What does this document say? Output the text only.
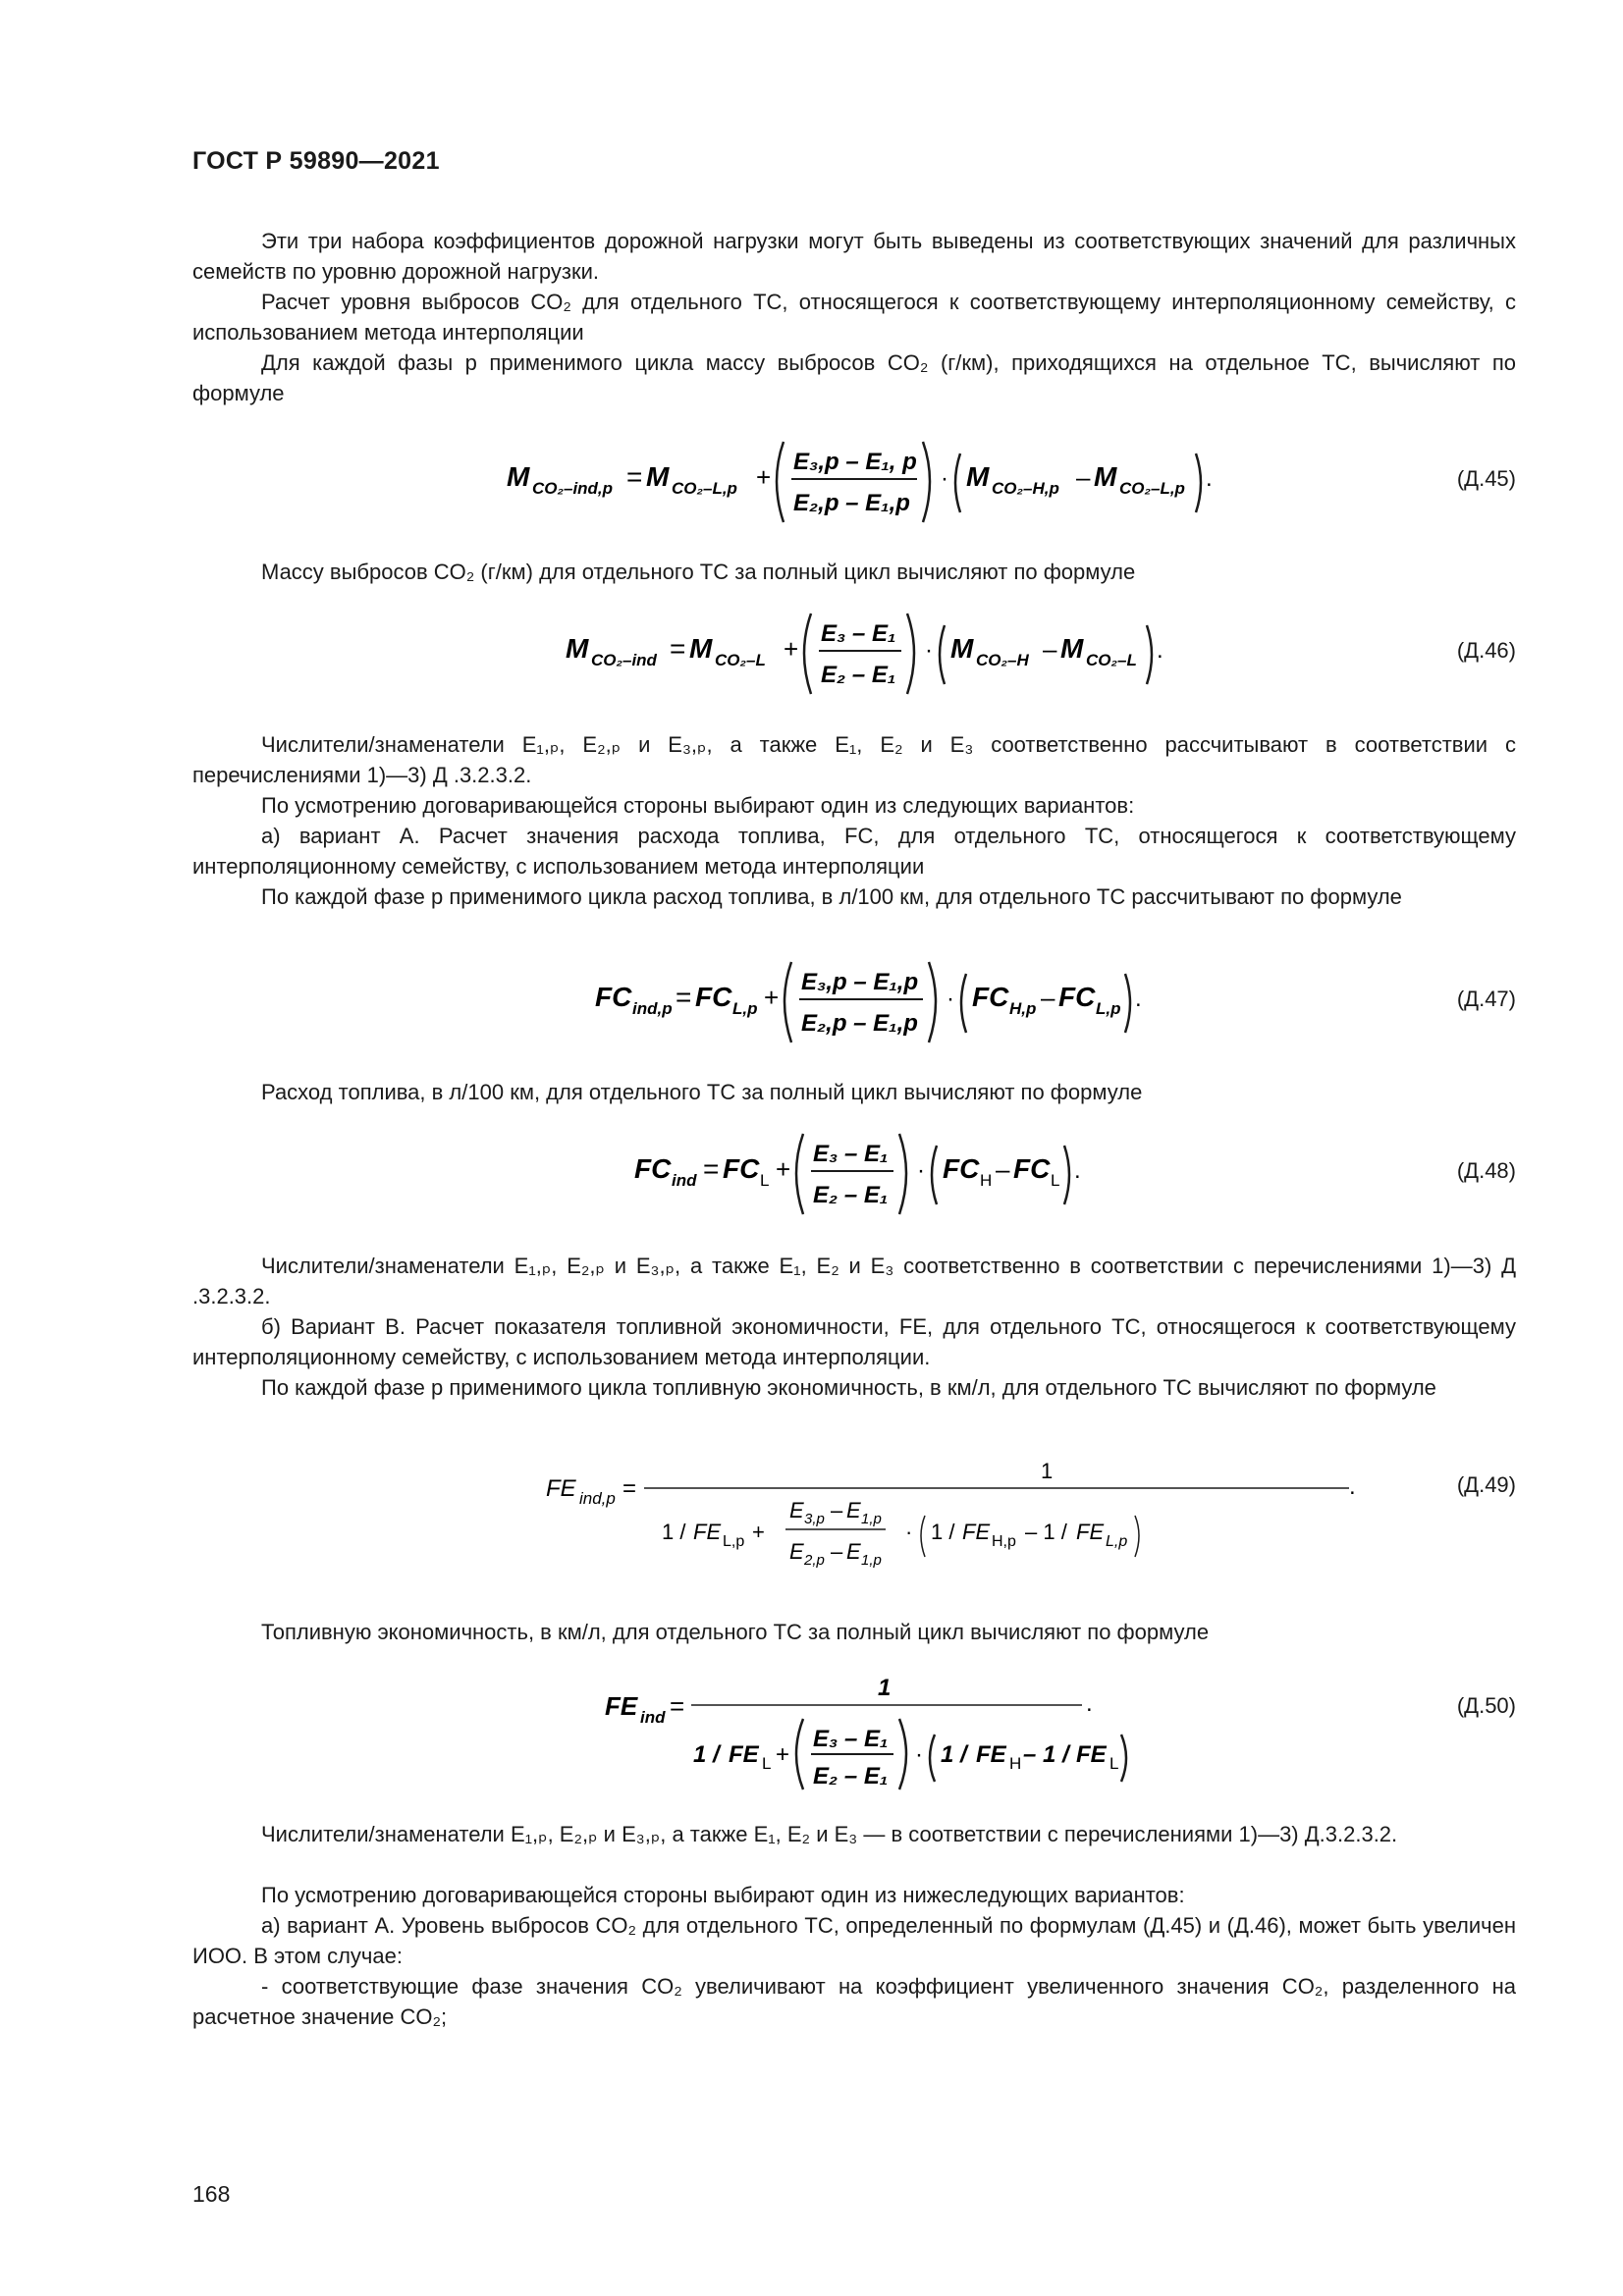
ГОСТ Р 59890—2021
Эти три набора коэффициентов дорожной нагрузки могут быть выведены из соответствующих значений для различных семейств по уровню дорожной нагрузки.
Расчет уровня выбросов CO₂ для отдельного ТС, относящегося к соответствующему интерполяционному семейству, с использованием метода интерполяции
Для каждой фазы p применимого цикла массу выбросов CO₂ (г/км), приходящихся на отдельное ТС, вычисляют по формуле
M CO₂–ind,p = M CO₂–L,p +
E₃,p – E₁, p
E₂,p – E₁,p
· M CO₂–H,p – M CO₂–L,p .	(Д.45)
Массу выбросов CO₂ (г/км) для отдельного ТС за полный цикл вычисляют по формуле
M CO₂–ind = M CO₂–L +
E₃ – E₁
E₂ – E₁
· M CO₂–H – M CO₂–L .	(Д.46)
Числители/знаменатели E₁,ₚ, E₂,ₚ и E₃,ₚ, а также E₁, E₂ и E₃ соответственно рассчитывают в соответствии с перечислениями 1)—3) Д .3.2.3.2.
По усмотрению договаривающейся стороны выбирают один из следующих вариантов:
а) вариант А. Расчет значения расхода топлива, FC, для отдельного ТС, относящегося к соответствующему интерполяционному семейству, с использованием метода интерполяции
По каждой фазе p применимого цикла расход топлива, в л/100 км, для отдельного ТС рассчитывают по формуле
FC ind,p = FC L,p +
E₃,p – E₁,p
E₂,p – E₁,p
· FC H,p – FC L,p .	(Д.47)
Расход топлива, в л/100 км, для отдельного ТС за полный цикл вычисляют по формуле
FC ind = FC L +
E₃ – E₁
E₂ – E₁
· FC H – FC L .	(Д.48)
Числители/знаменатели E₁,ₚ, E₂,ₚ и E₃,ₚ, а также E₁, E₂ и E₃ соответственно в соответствии с перечислениями 1)—3) Д .3.2.3.2.
б) Вариант В. Расчет показателя топливной экономичности, FE, для отдельного ТС, относящегося к соответствующему интерполяционному семейству, с использованием метода интерполяции.
По каждой фазе p применимого цикла топливную экономичность, в км/л, для отдельного ТС вычисляют по формуле
FE ind,p =
1
.
1 / FE L,p +
E 3,p – E 1,p
E 2,p – E 1,p
· 1 / FE H,p – 1 / FE L,p
(Д.49)
Топливную экономичность, в км/л, для отдельного ТС за полный цикл вычисляют по формуле
FE ind =
1
.
1 / FE L +
E₃ – E₁
E₂ – E₁
· 1 / FE H – 1 / FE L
(Д.50)
Числители/знаменатели E₁,ₚ, E₂,ₚ и E₃,ₚ, а также E₁, E₂ и E₃ — в соответствии с перечислениями 1)—3) Д.3.2.3.2.
По усмотрению договаривающейся стороны выбирают один из нижеследующих вариантов:
а) вариант А. Уровень выбросов CO₂ для отдельного ТС, определенный по формулам (Д.45) и (Д.46), может быть увеличен ИОО. В этом случае:
- соответствующие фазе значения CO₂ увеличивают на коэффициент увеличенного значения CO₂, разделенного на расчетное значение CO₂;
168
